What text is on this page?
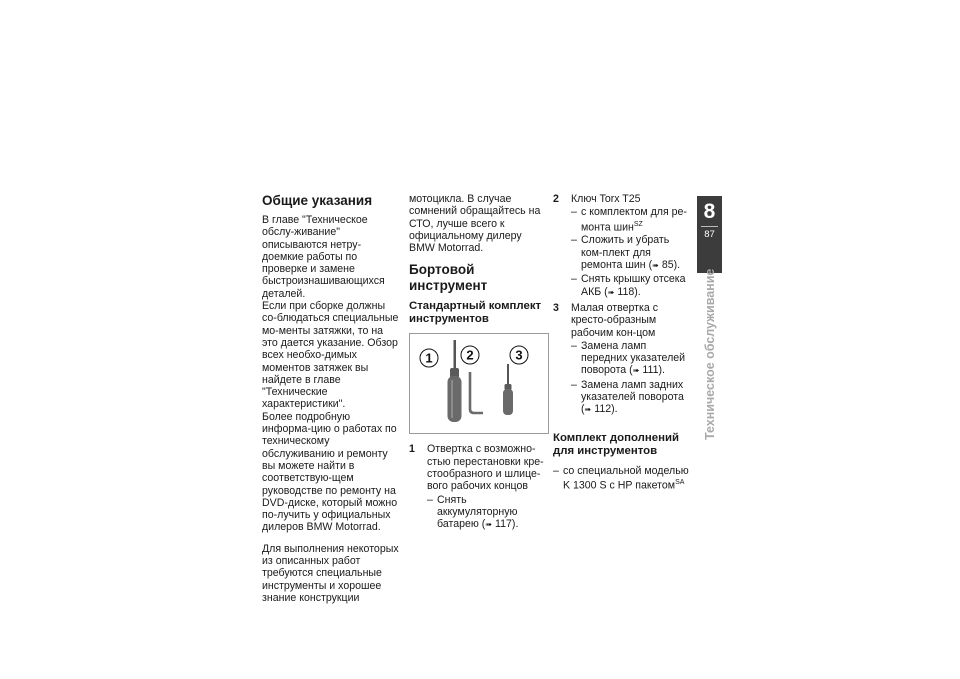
Общие указания

В главе "Техническое обслу-живание" описываются нетру-доемкие работы по проверке и замене быстроизнашивающихся деталей.

Если при сборке должны со-блюдаться специальные мо-менты затяжки, то на это дается указание. Обзор всех необхо-димых моментов затяжек вы найдете в главе "Технические характеристики".

Более подробную информа-цию о работах по техническому обслуживанию и ремонту вы можете найти в соответствую-щем руководстве по ремонту на DVD-диске, который можно по-лучить у официальных дилеров BMW Motorrad.

Для выполнения некоторых из описанных работ требуются специальные инструменты и хорошее знание конструкции

мотоцикла. В случае сомнений обращайтесь на СТО, лучше всего к официальному дилеру BMW Motorrad.

Бортовой инструмент
Стандартный комплект инструментов
1	2	3
1	Отвертка с возможно-стью перестановки кре-стообразного и шлице-вого рабочих концов

– Снять аккумуляторную батарею (➠ 117).
2	Ключ Torx T25

– с комплектом для ре-монта шин$^{SZ}$
– Сложить и убрать ком-плект для ремонта шин (➠ 85).
– Снять крышку отсека АКБ (➠ 118).
3	Малая отвертка с кресто-образным рабочим кон-цом

– Замена ламп передних указателей поворота (➠ 111).
– Замена ламп задних указателей поворота (➠ 112).
Комплект дополнений для инструментов
– со специальной моделью K 1300 S с HP пакетом$^{SA}$
8
87
Техническое обслуживание
